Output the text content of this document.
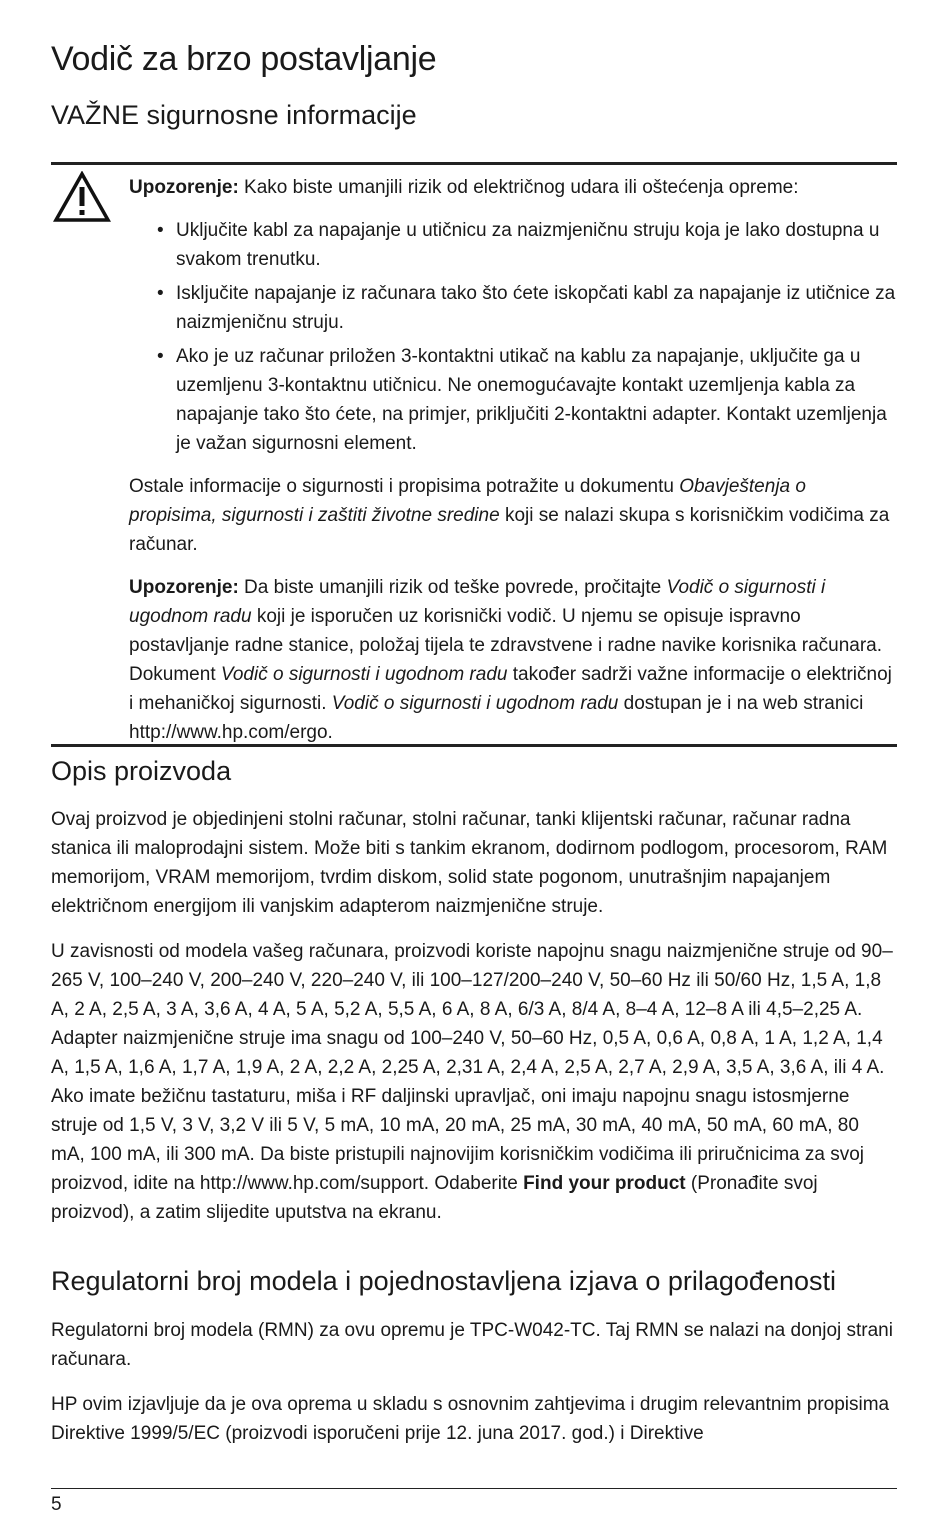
Vodič za brzo postavljanje
VAŽNE sigurnosne informacije

Upozorenje: Kako biste umanjili rizik od električnog udara ili oštećenja opreme:

• Uključite kabl za napajanje u utičnicu za naizmjeničnu struju koja je lako dostupna u svakom trenutku.
• Isključite napajanje iz računara tako što ćete iskopčati kabl za napajanje iz utičnice za naizmjeničnu struju.
• Ako je uz računar priložen 3-kontaktni utikač na kablu za napajanje, uključite ga u uzemljenu 3-kontaktnu utičnicu. Ne onemogućavajte kontakt uzemljenja kabla za napajanje tako što ćete, na primjer, priključiti 2-kontaktni adapter. Kontakt uzemljenja je važan sigurnosni element.

Ostale informacije o sigurnosti i propisima potražite u dokumentu Obavještenja o propisima, sigurnosti i zaštiti životne sredine koji se nalazi skupa s korisničkim vodičima za računar.

Upozorenje: Da biste umanjili rizik od teške povrede, pročitajte Vodič o sigurnosti i ugodnom radu koji je isporučen uz korisnički vodič. U njemu se opisuje ispravno postavljanje radne stanice, položaj tijela te zdravstvene i radne navike korisnika računara. Dokument Vodič o sigurnosti i ugodnom radu također sadrži važne informacije o električnoj i mehaničkoj sigurnosti. Vodič o sigurnosti i ugodnom radu dostupan je i na web stranici http://www.hp.com/ergo.

Opis proizvoda

Ovaj proizvod je objedinjeni stolni računar, stolni računar, tanki klijentski računar, računar radna stanica ili maloprodajni sistem. Može biti s tankim ekranom, dodirnom podlogom, procesorom, RAM memorijom, VRAM memorijom, tvrdim diskom, solid state pogonom, unutrašnjim napajanjem električnom energijom ili vanjskim adapterom naizmjenične struje.

U zavisnosti od modela vašeg računara, proizvodi koriste napojnu snagu naizmjenične struje od 90–265 V, 100–240 V, 200–240 V, 220–240 V, ili 100–127/200–240 V, 50–60 Hz ili 50/60 Hz, 1,5 A, 1,8 A, 2 A, 2,5 A, 3 A, 3,6 A, 4 A, 5 A, 5,2 A, 5,5 A, 6 A, 8 A, 6/3 A, 8/4 A, 8–4 A, 12–8 A ili 4,5–2,25 A. Adapter naizmjenične struje ima snagu od 100–240 V, 50–60 Hz, 0,5 A, 0,6 A, 0,8 A, 1 A, 1,2 A, 1,4 A, 1,5 A, 1,6 A, 1,7 A, 1,9 A, 2 A, 2,2 A, 2,25 A, 2,31 A, 2,4 A, 2,5 A, 2,7 A, 2,9 A, 3,5 A, 3,6 A, ili 4 A. Ako imate bežičnu tastaturu, miša i RF daljinski upravljač, oni imaju napojnu snagu istosmjerne struje od 1,5 V, 3 V, 3,2 V ili 5 V, 5 mA, 10 mA, 20 mA, 25 mA, 30 mA, 40 mA, 50 mA, 60 mA, 80 mA, 100 mA, ili 300 mA. Da biste pristupili najnovijim korisničkim vodičima ili priručnicima za svoj proizvod, idite na http://www.hp.com/support. Odaberite Find your product (Pronađite svoj proizvod), a zatim slijedite uputstva na ekranu.

Regulatorni broj modela i pojednostavljena izjava o prilagođenosti

Regulatorni broj modela (RMN) za ovu opremu je TPC-W042-TC. Taj RMN se nalazi na donjoj strani računara.

HP ovim izjavljuje da je ova oprema u skladu s osnovnim zahtjevima i drugim relevantnim propisima Direktive 1999/5/EC (proizvodi isporučeni prije 12. juna 2017. god.) i Direktive

5
